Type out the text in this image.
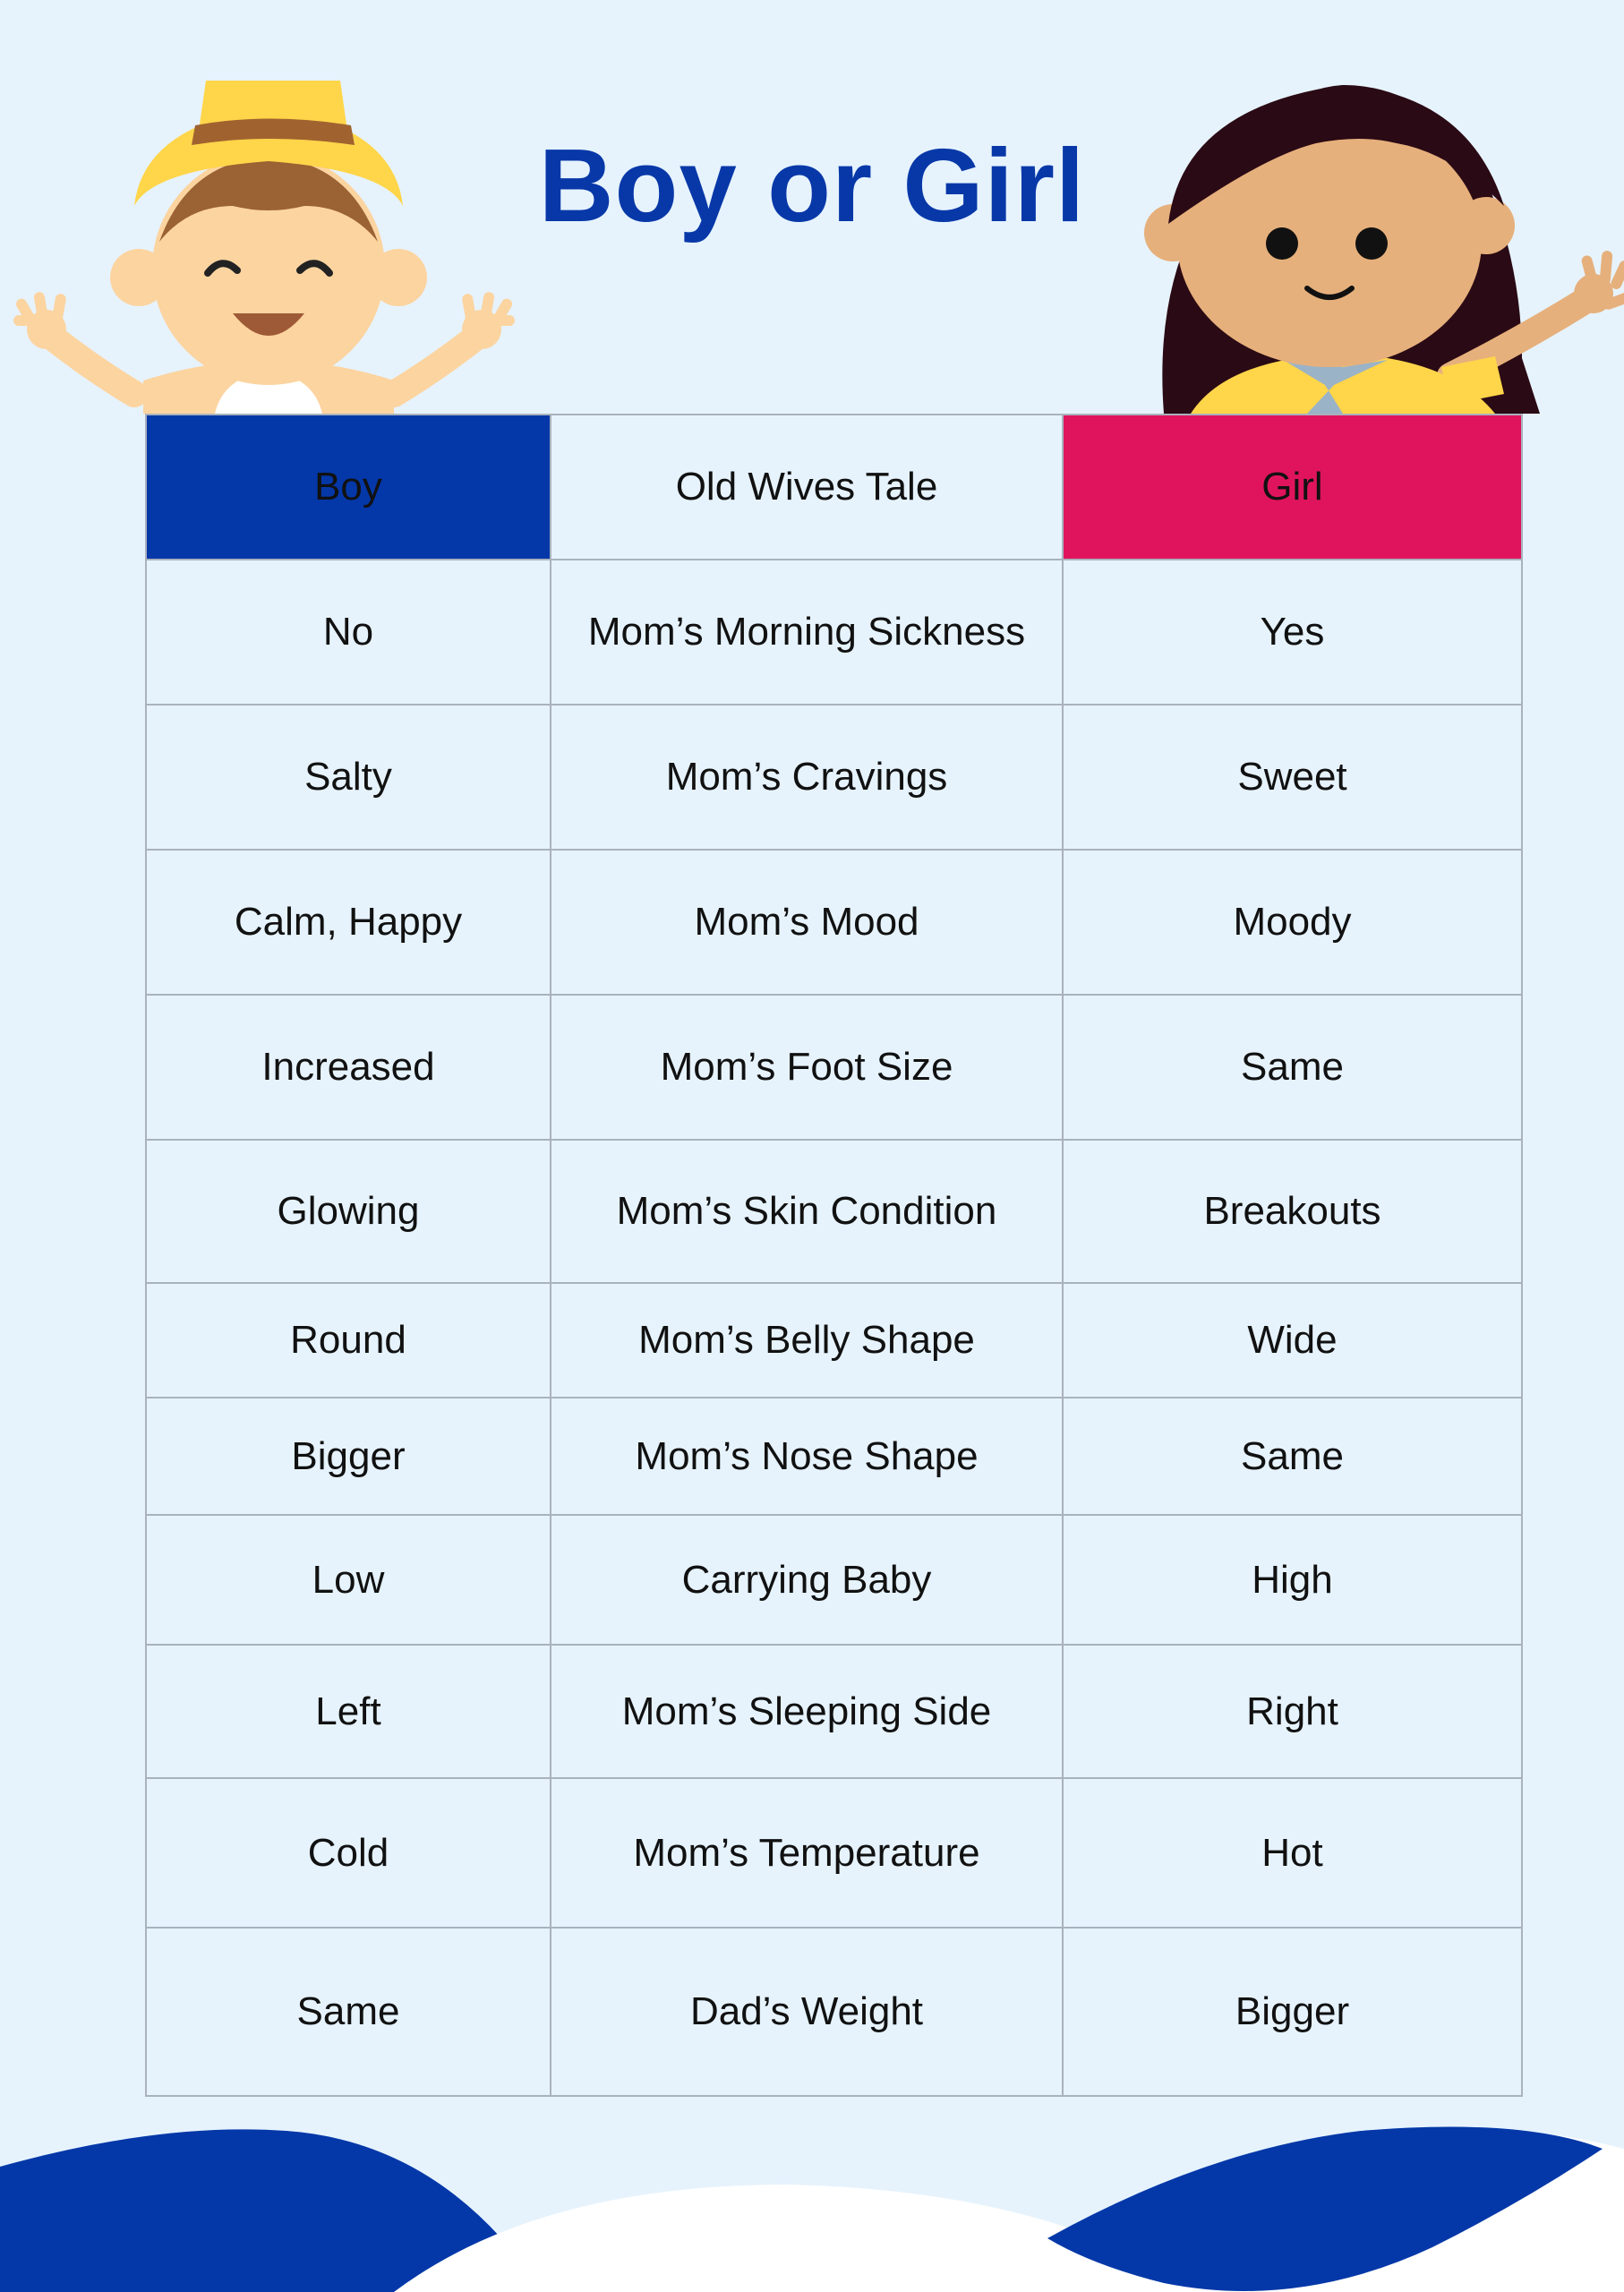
Boy or Girl
Boy	Old Wives Tale	Girl
No	Mom’s Morning Sickness	Yes
Salty	Mom’s Cravings	Sweet
Calm, Happy	Mom’s Mood	Moody
Increased	Mom’s Foot Size	Same
Glowing	Mom’s Skin Condition	Breakouts
Round	Mom’s Belly Shape	Wide
Bigger	Mom’s Nose Shape	Same
Low	Carrying Baby	High
Left	Mom’s Sleeping Side	Right
Cold	Mom’s Temperature	Hot
Same	Dad’s Weight	Bigger
